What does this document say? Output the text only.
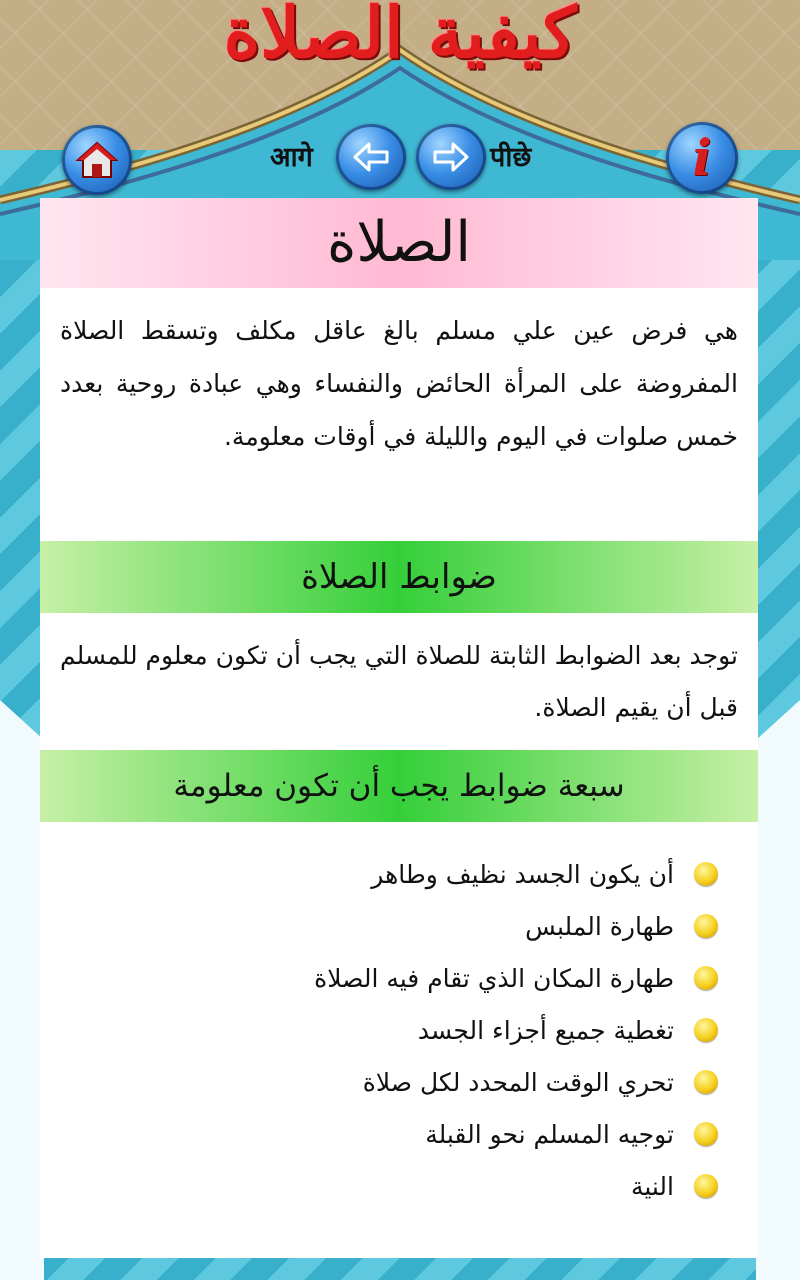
كيفية الصلاة
आगे	पीछे	i
الصلاة

هي فرض عين علي مسلم بالغ عاقل مكلف وتسقط الصلاة المفروضة على المرأة الحائض والنفساء وهي عبادة روحية بعدد خمس صلوات في اليوم والليلة في أوقات معلومة.

ضوابط الصلاة

توجد بعد الضوابط الثابتة للصلاة التي يجب أن تكون معلوم للمسلم قبل أن يقيم الصلاة.

سبعة ضوابط يجب أن تكون معلومة
أن يكون الجسد نظيف وطاهر
طهارة الملبس
طهارة المكان الذي تقام فيه الصلاة
تغطية جميع أجزاء الجسد
تحري الوقت المحدد لكل صلاة
توجيه المسلم نحو القبلة
النية
